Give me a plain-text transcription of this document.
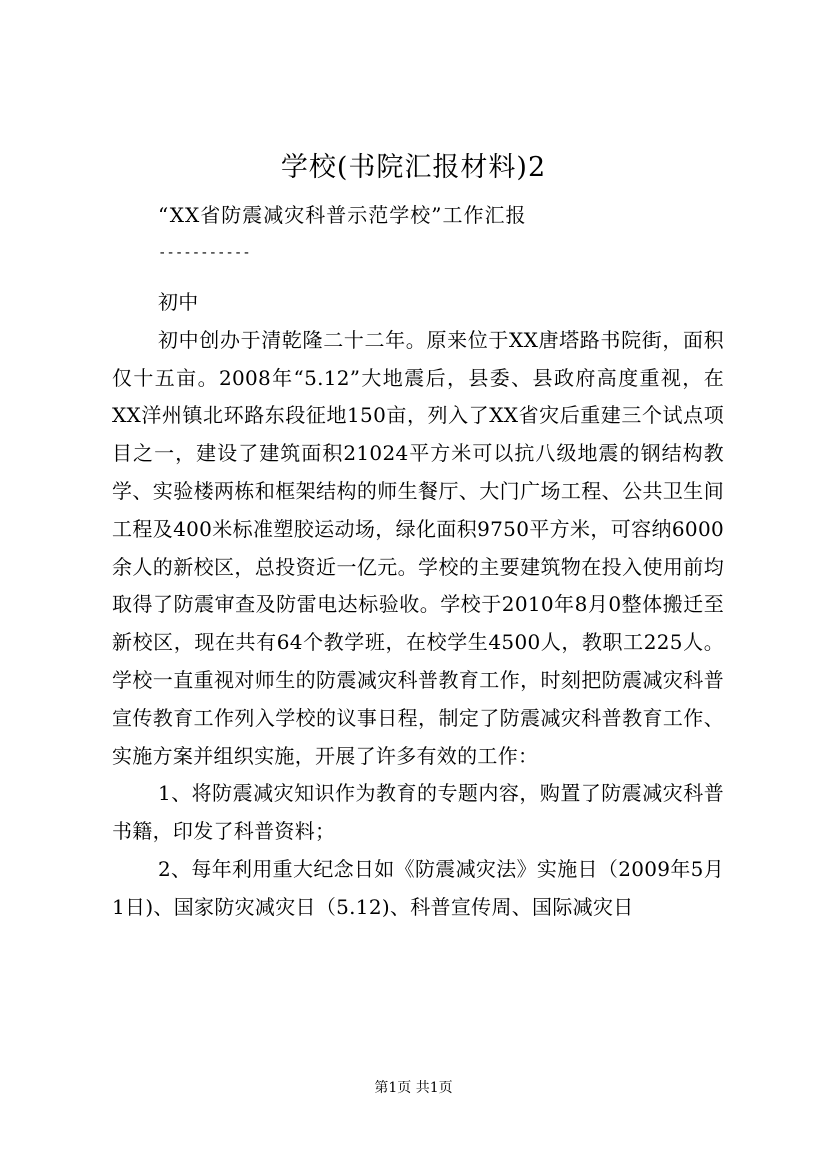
学校(书院汇报材料)2
“XX省防震减灾科普示范学校”工作汇报
-----------

初中

初中创办于清乾隆二十二年。原来位于XX唐塔路书院街，面积仅十五亩。2008年“5.12”大地震后，县委、县政府高度重视，在XX洋州镇北环路东段征地150亩，列入了XX省灾后重建三个试点项目之一，建设了建筑面积21024平方米可以抗八级地震的钢结构教学、实验楼两栋和框架结构的师生餐厅、大门广场工程、公共卫生间工程及400米标准塑胶运动场，绿化面积9750平方米，可容纳6000余人的新校区，总投资近一亿元。学校的主要建筑物在投入使用前均取得了防震审查及防雷电达标验收。学校于2010年8月0整体搬迁至新校区，现在共有64个教学班，在校学生4500人，教职工225人。学校一直重视对师生的防震减灾科普教育工作，时刻把防震减灾科普宣传教育工作列入学校的议事日程，制定了防震减灾科普教育工作、实施方案并组织实施，开展了许多有效的工作：

1、将防震减灾知识作为教育的专题内容，购置了防震减灾科普书籍，印发了科普资料；

2、每年利用重大纪念日如《防震减灾法》实施日（2009年5月1日)、国家防灾减灾日（5.12)、科普宣传周、国际减灾日

第1页 共1页
